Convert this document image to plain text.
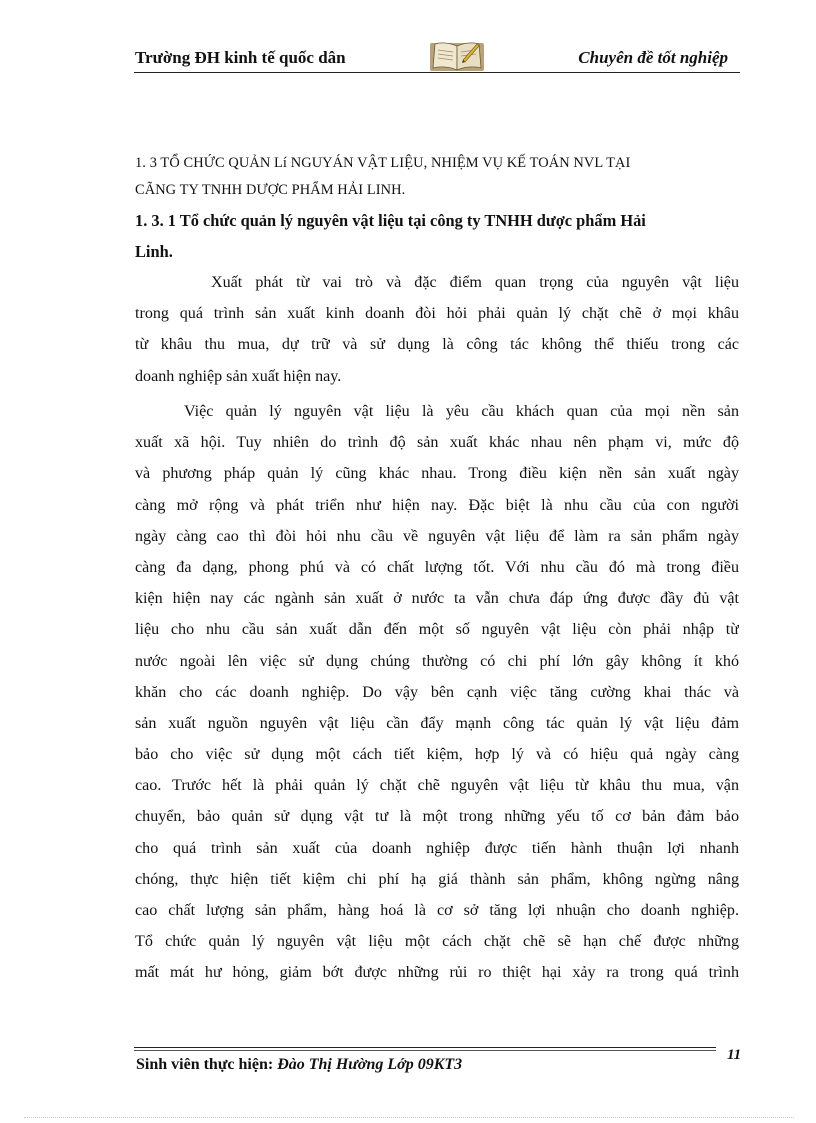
Trường ĐH kinh tế quốc dân	Chuyên đề tốt nghiệp
1. 3 TỔ CHỨC QUẢN Lí NGUYÁN VẬT LIỆU, NHIỆM VỤ KẾ TOÁN NVL TẠI
CÃNG TY TNHH DƯỢC PHẨM HẢI LINH.
1. 3. 1 Tổ chức quản lý nguyên vật liệu tại công ty TNHH dược phẩm Hải
Linh.
Xuất phát từ vai trò và đặc điểm quan trọng của nguyên vật liệu
trong quá trình sản xuất kinh doanh đòi hỏi phải quản lý chặt chẽ ở mọi khâu
từ khâu thu mua, dự trữ và sử dụng là công tác không thể thiếu trong các
doanh nghiệp sản xuất hiện nay.
Việc quản lý nguyên vật liệu là yêu cầu khách quan của mọi nền sản
xuất xã hội. Tuy nhiên do trình độ sản xuất khác nhau nên phạm vi, mức độ
và phương pháp quản lý cũng khác nhau. Trong điều kiện nền sản xuất ngày
càng mở rộng và phát triển như hiện nay. Đặc biệt là nhu cầu của con người
ngày càng cao thì đòi hỏi nhu cầu về nguyên vật liệu để làm ra sản phẩm ngày
càng đa dạng, phong phú và có chất lượng tốt. Với nhu cầu đó mà trong điều
kiện hiện nay các ngành sản xuất ở nước ta vẫn chưa đáp ứng được đầy đủ vật
liệu cho nhu cầu sản xuất dẫn đến một số nguyên vật liệu còn phải nhập từ
nước ngoài lên việc sử dụng chúng thường có chi phí lớn gây không ít khó
khăn cho các doanh nghiệp. Do vậy bên cạnh việc tăng cường khai thác và
sản xuất nguồn nguyên vật liệu cần đẩy mạnh công tác quản lý vật liệu đảm
bảo cho việc sử dụng một cách tiết kiệm, hợp lý và có hiệu quả ngày càng
cao. Trước hết là phải quản lý chặt chẽ nguyên vật liệu từ khâu thu mua, vận
chuyển, bảo quản sử dụng vật tư là một trong những yếu tố cơ bản đảm bảo
cho quá trình sản xuất của doanh nghiệp được tiến hành thuận lợi nhanh
chóng, thực hiện tiết kiệm chi phí hạ giá thành sản phẩm, không ngừng nâng
cao chất lượng sản phẩm, hàng hoá là cơ sở tăng lợi nhuận cho doanh nghiệp.
Tổ chức quản lý nguyên vật liệu một cách chặt chẽ sẽ hạn chế được những
mất mát hư hỏng, giảm bớt được những rủi ro thiệt hại xảy ra trong quá trình
Sinh viên thực hiện: Đào Thị Hường Lớp 09KT3
11
